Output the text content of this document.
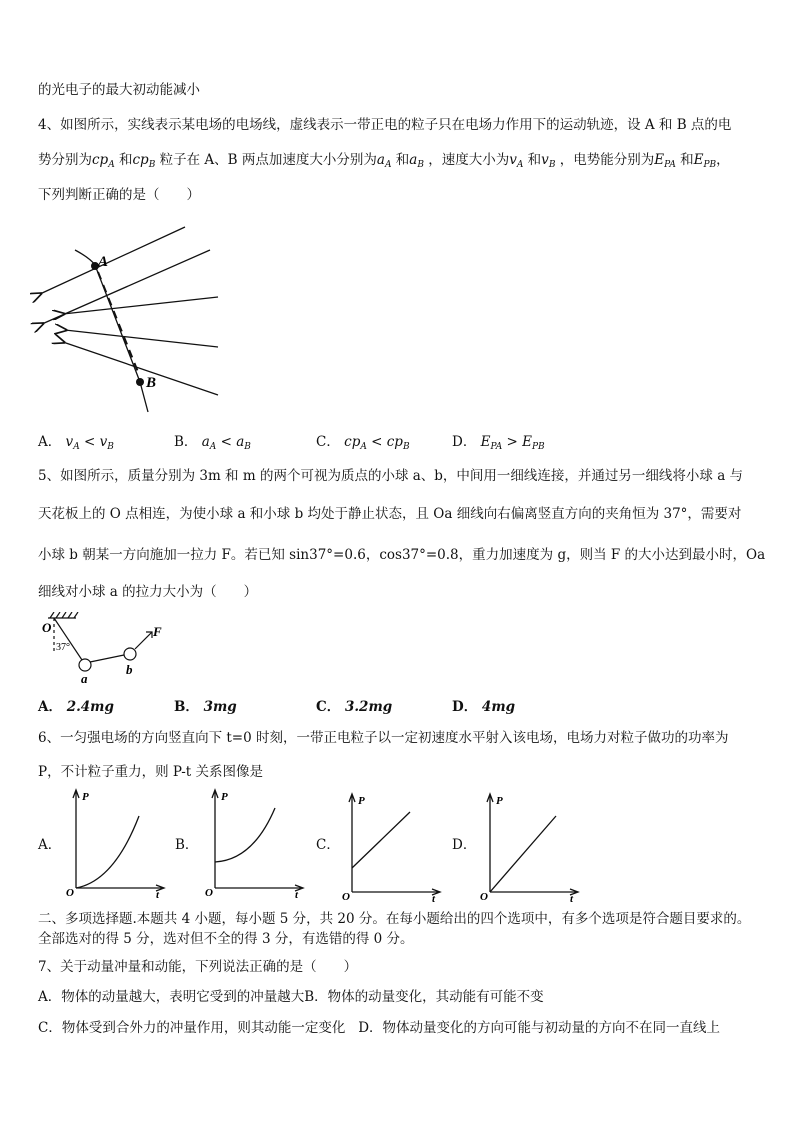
的光电子的最大初动能减小
4、如图所示，实线表示某电场的电场线，虚线表示一带正电的粒子只在电场力作用下的运动轨迹，设 A 和 B 点的电
势分别为$cp_A$ 和$cp_B$ 粒子在 A、B 两点加速度大小分别为$a_A$ 和$a_B$ ，速度大小为$v_A$ 和$v_B$ ，电势能分别为$E_{PA}$ 和$E_{PB}$，
下列判断正确的是（　　）
A
B
A． $v_A < v_B$	B． $a_A < a_B$	C． $cp_A < cp_B$	D． $E_{PA} > E_{PB}$
5、如图所示，质量分别为 3m 和 m 的两个可视为质点的小球 a、b，中间用一细线连接，并通过另一细线将小球 a 与
天花板上的 O 点相连，为使小球 a 和小球 b 均处于静止状态，且 Oa 细线向右偏离竖直方向的夹角恒为 37°，需要对
小球 b 朝某一方向施加一拉力 F。若已知 sin37°=0.6，cos37°=0.8，重力加速度为 g，则当 F 的大小达到最小时，Oa
细线对小球 a 的拉力大小为（　　）
O
37°
a
b
F
A． 2.4mg	B． 3mg	C． 3.2mg	D． 4mg
6、一匀强电场的方向竖直向下 t=0 时刻，一带正电粒子以一定初速度水平射入该电场，电场力对粒子做功的功率为
P，不计粒子重力，则 P-t 关系图像是
A．
P
O	t
B．
P
O	t
C．
P
O	t
D．
P
O	t
二、多项选择题.本题共 4 小题，每小题 5 分，共 20 分。在每小题给出的四个选项中，有多个选项是符合题目要求的。
全部选对的得 5 分，选对但不全的得 3 分，有选错的得 0 分。
7、关于动量冲量和动能，下列说法正确的是（　　）
A．物体的动量越大，表明它受到的冲量越大B．物体的动量变化，其动能有可能不变
C．物体受到合外力的冲量作用，则其动能一定变化 D．物体动量变化的方向可能与初动量的方向不在同一直线上
